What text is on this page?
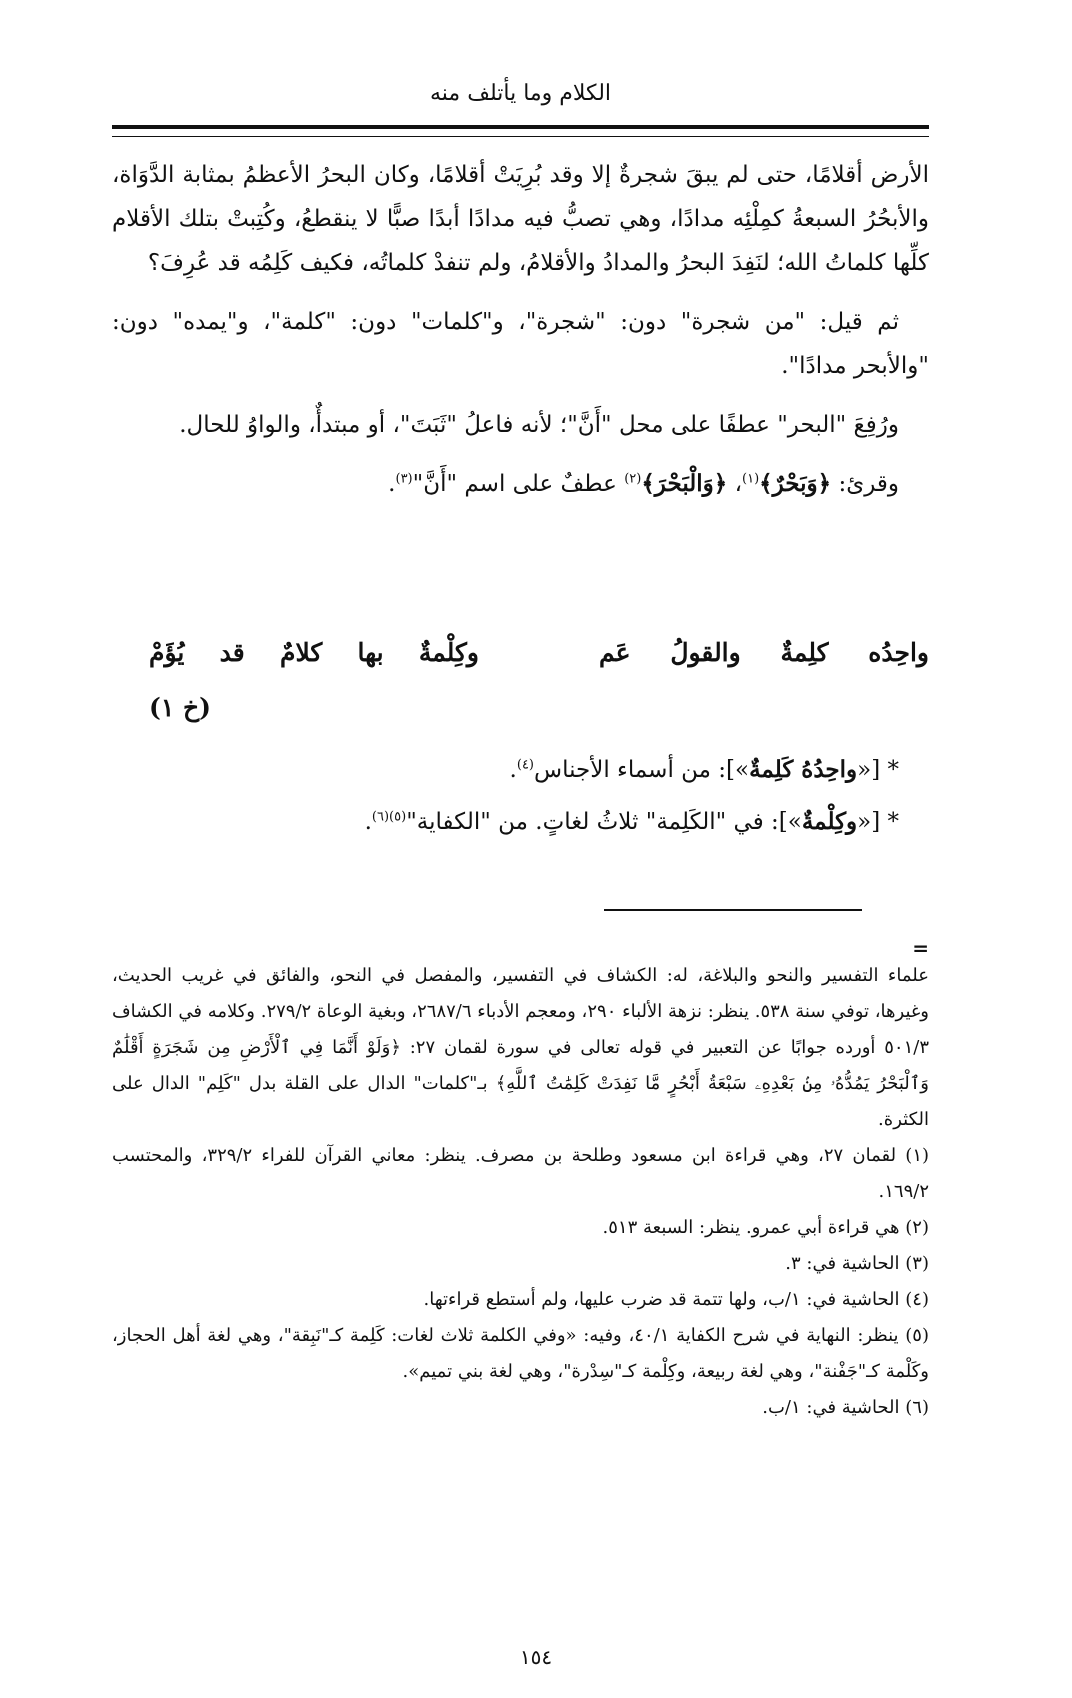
الكلام وما يأتلف منه

الأرض أقلامًا، حتى لم يبقَ شجرةٌ إلا وقد بُرِيَتْ أقلامًا، وكان البحرُ الأعظمُ بمثابة الدَّوَاة، والأبحُرُ السبعةُ كمِلْئِه مدادًا، وهي تصبُّ فيه مدادًا أبدًا صبًّا لا ينقطعُ، وكُتِبتْ بتلك الأقلام كلِّها كلماتُ الله؛ لنَفِدَ البحرُ والمدادُ والأقلامُ، ولم تنفدْ كلماتُه، فكيف كَلِمُه قد عُرِفَ؟

ثم قيل: "من شجرة" دون: "شجرة"، و"كلمات" دون: "كلمة"، و"يمده" دون: "والأبحر مدادًا".

ورُفِعَ "البحر" عطفًا على محل "أَنَّ"؛ لأنه فاعلُ "ثَبَتَ"، أو مبتدأٌ، والواوُ للحال.

وقرئ: ﴿وَبَحْرٌ﴾$^{(١)}$، ﴿وَالْبَحْرَ﴾$^{(٢)}$ عطفٌ على اسم "أَنَّ"$^{(٣)}$.

واحِدُه
كلِمةٌ
والقولُ
عَم
وكِلْمةٌ
بها
كلامٌ
قد
يُؤَمْ
(خ ١)

* [«واحِدُهُ كَلِمةٌ»]: من أسماء الأجناس$^{(٤)}$.

* [«وكِلْمةٌ»]: في "الكَلِمة" ثلاثُ لغاتٍ. من "الكفاية"$^{(٥)(٦)}$.

=

علماء التفسير والنحو والبلاغة، له: الكشاف في التفسير، والمفصل في النحو، والفائق في غريب الحديث، وغيرها، توفي سنة ٥٣٨. ينظر: نزهة الألباء ٢٩٠، ومعجم الأدباء ٢٦٨٧/٦، وبغية الوعاة ٢٧٩/٢. وكلامه في الكشاف ٥٠١/٣ أورده جوابًا عن التعبير في قوله تعالى في سورة لقمان ٢٧: ﴿وَلَوْ أَنَّمَا فِي ٱلْأَرْضِ مِن شَجَرَةٍ أَقْلَٰمٌ وَٱلْبَحْرُ يَمُدُّهُۥ مِنۢ بَعْدِهِۦ سَبْعَةُ أَبْحُرٍ مَّا نَفِدَتْ كَلِمَٰتُ ٱللَّهِ﴾ بـ"كلمات" الدال على القلة بدل "كَلِم" الدال على الكثرة.

(١) لقمان ٢٧، وهي قراءة ابن مسعود وطلحة بن مصرف. ينظر: معاني القرآن للفراء ٣٢٩/٢، والمحتسب ١٦٩/٢.

(٢) هي قراءة أبي عمرو. ينظر: السبعة ٥١٣.

(٣) الحاشية في: ٣.

(٤) الحاشية في: ١/ب، ولها تتمة قد ضرب عليها، ولم أستطع قراءتها.

(٥) ينظر: النهاية في شرح الكفاية ٤٠/١، وفيه: «وفي الكلمة ثلاث لغات: كَلِمة كـ"نَبِقة"، وهي لغة أهل الحجاز، وكَلْمة كـ"جَفْنة"، وهي لغة ربيعة، وكِلْمة كـ"سِدْرة"، وهي لغة بني تميم».

(٦) الحاشية في: ١/ب.

١٥٤
